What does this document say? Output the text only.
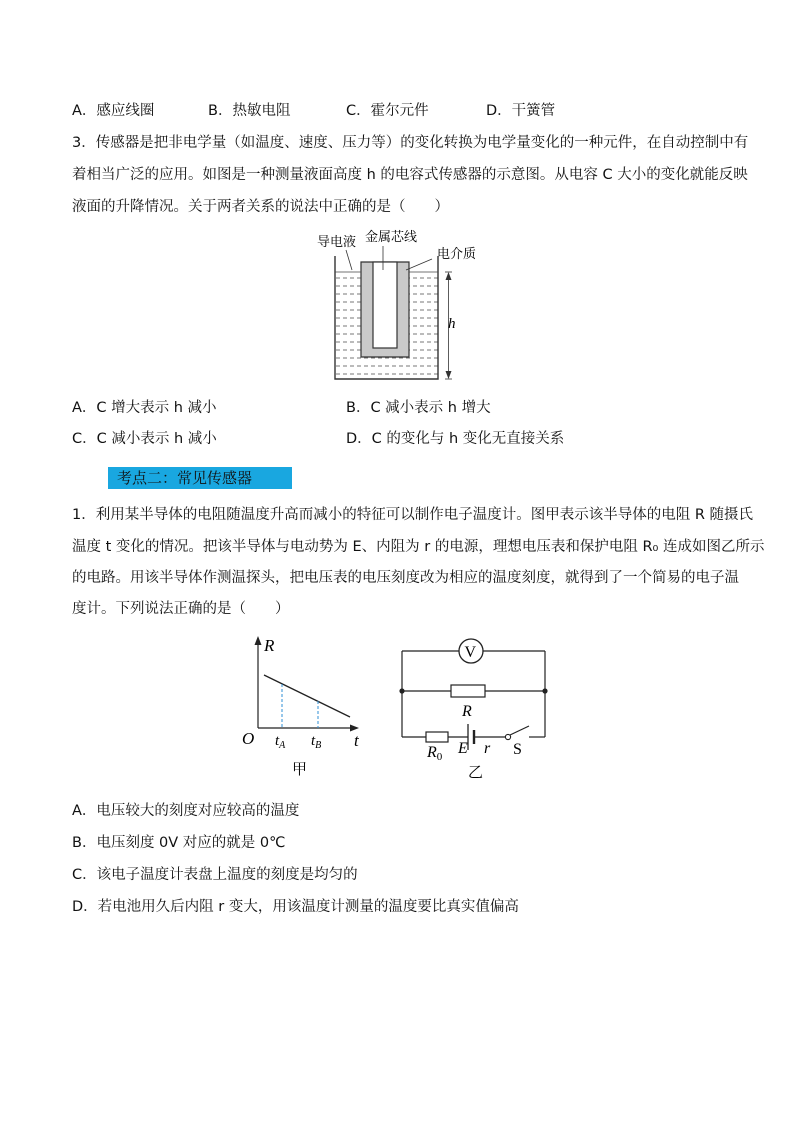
A．感应线圈	B．热敏电阻	C．霍尔元件	D．干簧管
3．传感器是把非电学量（如温度、速度、压力等）的变化转换为电学量变化的一种元件，在自动控制中有
着相当广泛的应用。如图是一种测量液面高度 h 的电容式传感器的示意图。从电容 C 大小的变化就能反映
液面的升降情况。关于两者关系的说法中正确的是（　　）
导电液 金属芯线
电介质
h
A．C 增大表示 h 减小	B．C 减小表示 h 增大
C．C 减小表示 h 减小	D．C 的变化与 h 变化无直接关系
考点二：常见传感器
1．利用某半导体的电阻随温度升高而减小的特征可以制作电子温度计。图甲表示该半导体的电阻 R 随摄氏
温度 t 变化的情况。把该半导体与电动势为 E、内阻为 r 的电源，理想电压表和保护电阻 R₀ 连成如图乙所示
的电路。用该半导体作测温探头，把电压表的电压刻度改为相应的温度刻度，就得到了一个简易的电子温
度计。下列说法正确的是（　　）
R
t
O $t_A$ $t_B$
甲
V
R
R0 E r S
乙
A．电压较大的刻度对应较高的温度
B．电压刻度 0V 对应的就是 0℃
C．该电子温度计表盘上温度的刻度是均匀的
D．若电池用久后内阻 r 变大，用该温度计测量的温度要比真实值偏高
